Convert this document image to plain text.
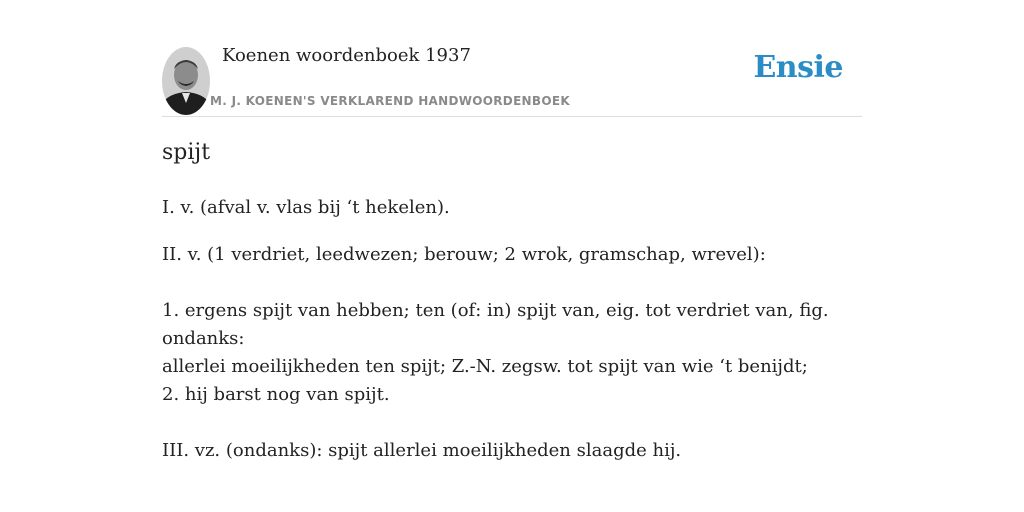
Koenen woordenboek 1937
M. J. KOENEN'S VERKLAREND HANDWOORDENBOEK
Ensie
spijt

I. v. (afval v. vlas bij ‘t hekelen).

II. v. (1 verdriet, leedwezen; berouw; 2 wrok, gramschap, wrevel):

1. ergens spijt van hebben; ten (of: in) spijt van, eig. tot verdriet van, fig. ondanks:

allerlei moeilijkheden ten spijt; Z.-N. zegsw. tot spijt van wie ‘t benijdt;

2. hij barst nog van spijt.

III. vz. (ondanks): spijt allerlei moeilijkheden slaagde hij.
